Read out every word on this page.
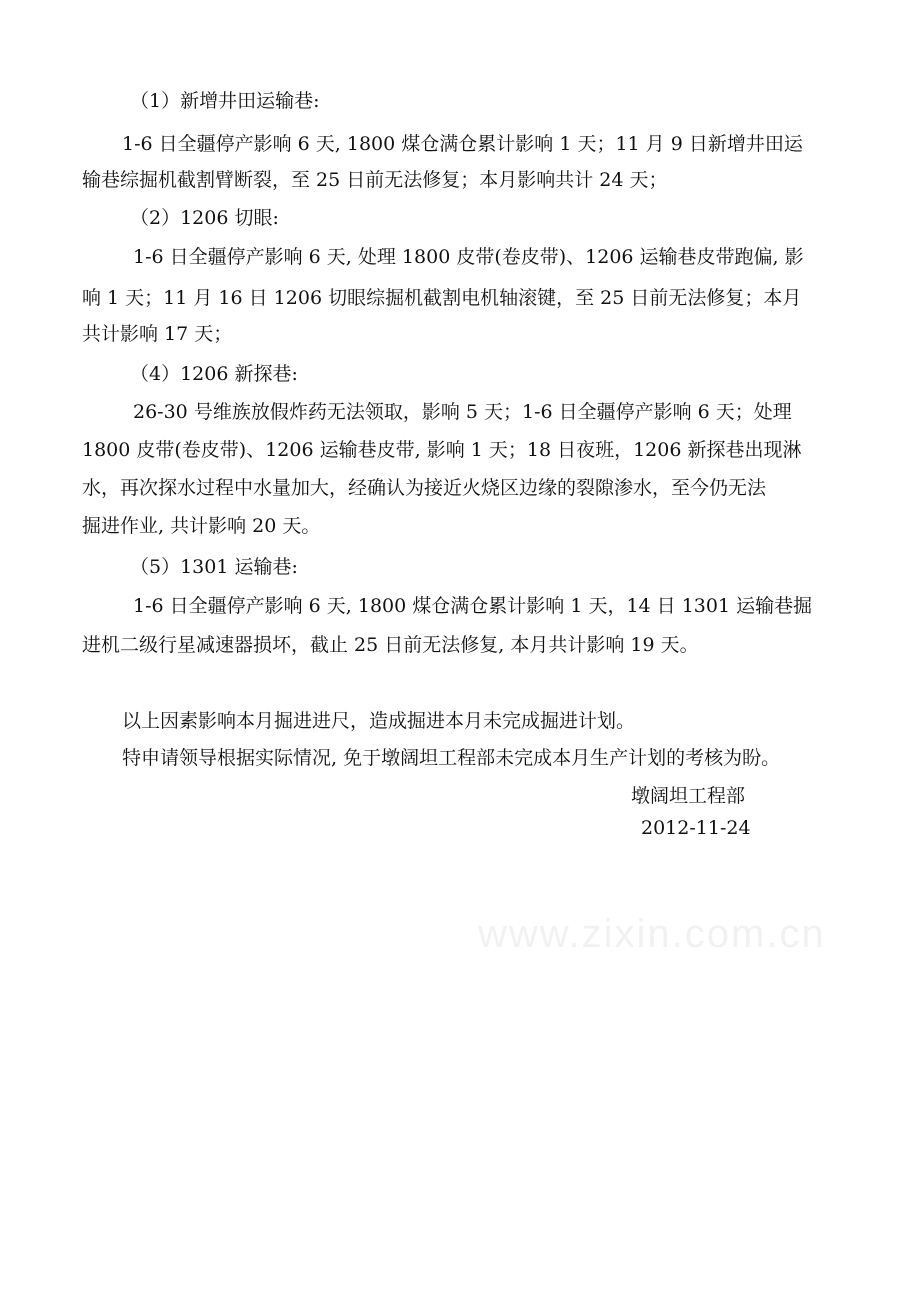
（1）新增井田运输巷:
1-6 日全疆停产影响 6 天, 1800 煤仓满仓累计影响 1 天；11 月 9 日新增井田运
输巷综掘机截割臂断裂，至 25 日前无法修复；本月影响共计 24 天；
（2）1206 切眼:
1-6 日全疆停产影响 6 天, 处理 1800 皮带(卷皮带)、1206 运输巷皮带跑偏, 影
响 1 天；11 月 16 日 1206 切眼综掘机截割电机轴滚键，至 25 日前无法修复；本月
共计影响 17 天；
（4）1206 新探巷:
26-30 号维族放假炸药无法领取，影响 5 天；1-6 日全疆停产影响 6 天；处理
1800 皮带(卷皮带)、1206 运输巷皮带, 影响 1 天；18 日夜班，1206 新探巷出现淋
水，再次探水过程中水量加大，经确认为接近火烧区边缘的裂隙渗水，至今仍无法
掘进作业, 共计影响 20 天。
（5）1301 运输巷:
1-6 日全疆停产影响 6 天, 1800 煤仓满仓累计影响 1 天，14 日 1301 运输巷掘
进机二级行星减速器损坏，截止 25 日前无法修复, 本月共计影响 19 天。
以上因素影响本月掘进进尺，造成掘进本月未完成掘进计划。
特申请领导根据实际情况, 免于墩阔坦工程部未完成本月生产计划的考核为盼。
墩阔坦工程部
2012-11-24
www.zixin.com.cn
